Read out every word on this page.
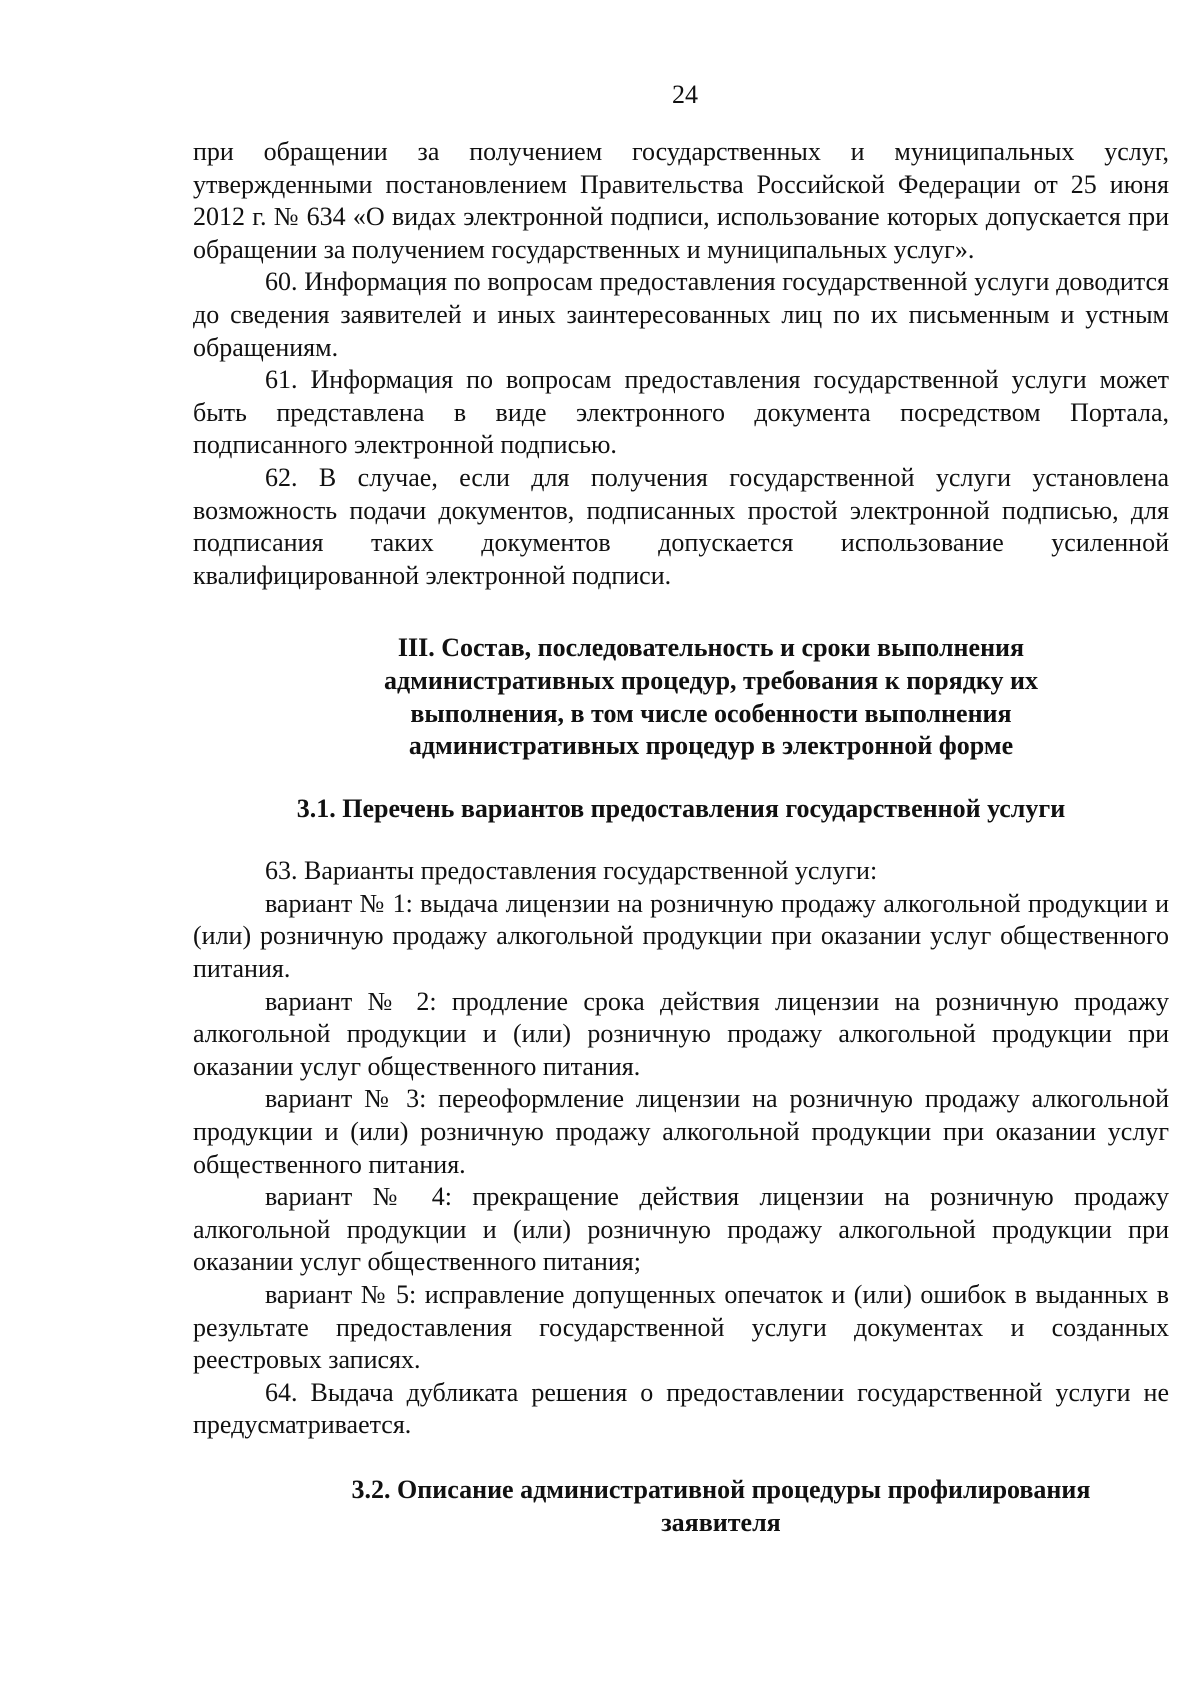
24

при обращении за получением государственных и муниципальных услуг, утвержденными постановлением Правительства Российской Федерации от 25 июня 2012 г. № 634 «О видах электронной подписи, использование которых допускается при обращении за получением государственных и муниципальных услуг».

60. Информация по вопросам предоставления государственной услуги доводится до сведения заявителей и иных заинтересованных лиц по их письменным и устным обращениям.

61. Информация по вопросам предоставления государственной услуги может быть представлена в виде электронного документа посредством Портала, подписанного электронной подписью.

62. В случае, если для получения государственной услуги установлена возможность подачи документов, подписанных простой электронной подписью, для подписания таких документов допускается использование усиленной квалифицированной электронной подписи.

III. Состав, последовательность и сроки выполнения административных процедур, требования к порядку их выполнения, в том числе особенности выполнения административных процедур в электронной форме

3.1. Перечень вариантов предоставления государственной услуги

63. Варианты предоставления государственной услуги:

вариант № 1: выдача лицензии на розничную продажу алкогольной продукции и (или) розничную продажу алкогольной продукции при оказании услуг общественного питания.

вариант № 2: продление срока действия лицензии на розничную продажу алкогольной продукции и (или) розничную продажу алкогольной продукции при оказании услуг общественного питания.

вариант № 3: переоформление лицензии на розничную продажу алкогольной продукции и (или) розничную продажу алкогольной продукции при оказании услуг общественного питания.

вариант № 4: прекращение действия лицензии на розничную продажу алкогольной продукции и (или) розничную продажу алкогольной продукции при оказании услуг общественного питания;

вариант № 5: исправление допущенных опечаток и (или) ошибок в выданных в результате предоставления государственной услуги документах и созданных реестровых записях.

64. Выдача дубликата решения о предоставлении государственной услуги не предусматривается.

3.2. Описание административной процедуры профилирования заявителя
